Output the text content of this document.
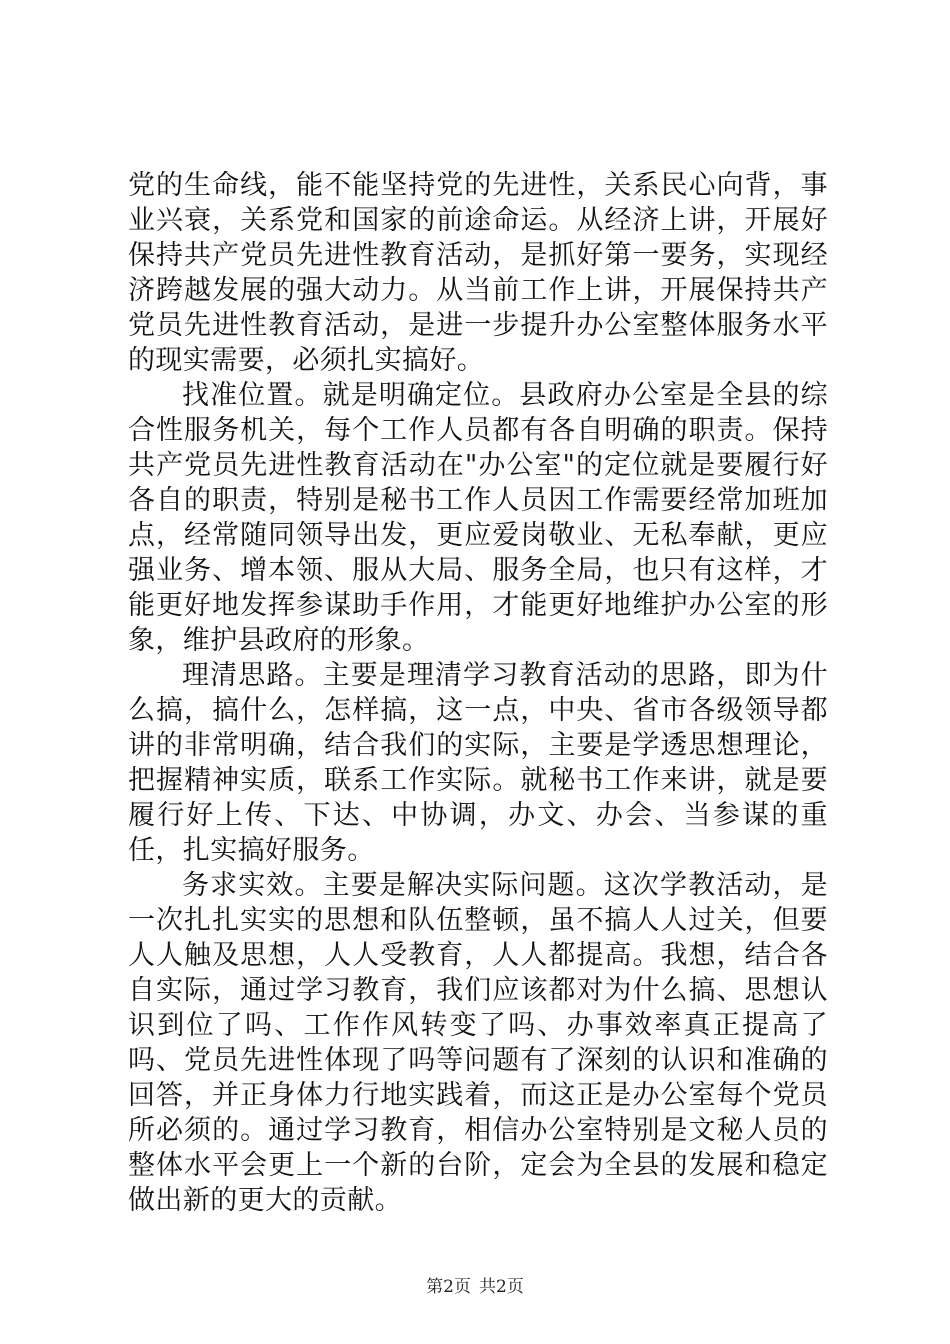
党的生命线，能不能坚持党的先进性，关系民心向背，事业兴衰，关系党和国家的前途命运。从经济上讲，开展好保持共产党员先进性教育活动，是抓好第一要务，实现经济跨越发展的强大动力。从当前工作上讲，开展保持共产党员先进性教育活动，是进一步提升办公室整体服务水平的现实需要，必须扎实搞好。

找准位置。就是明确定位。县政府办公室是全县的综合性服务机关，每个工作人员都有各自明确的职责。保持共产党员先进性教育活动在"办公室"的定位就是要履行好各自的职责，特别是秘书工作人员因工作需要经常加班加点，经常随同领导出发，更应爱岗敬业、无私奉献，更应强业务、增本领、服从大局、服务全局，也只有这样，才能更好地发挥参谋助手作用，才能更好地维护办公室的形象，维护县政府的形象。

理清思路。主要是理清学习教育活动的思路，即为什么搞，搞什么，怎样搞，这一点，中央、省市各级领导都讲的非常明确，结合我们的实际，主要是学透思想理论，把握精神实质，联系工作实际。就秘书工作来讲，就是要履行好上传、下达、中协调，办文、办会、当参谋的重任，扎实搞好服务。

务求实效。主要是解决实际问题。这次学教活动，是一次扎扎实实的思想和队伍整顿，虽不搞人人过关，但要人人触及思想，人人受教育，人人都提高。我想，结合各自实际，通过学习教育，我们应该都对为什么搞、思想认识到位了吗、工作作风转变了吗、办事效率真正提高了吗、党员先进性体现了吗等问题有了深刻的认识和准确的回答，并正身体力行地实践着，而这正是办公室每个党员所必须的。通过学习教育，相信办公室特别是文秘人员的整体水平会更上一个新的台阶，定会为全县的发展和稳定做出新的更大的贡献。

第2页 共2页
